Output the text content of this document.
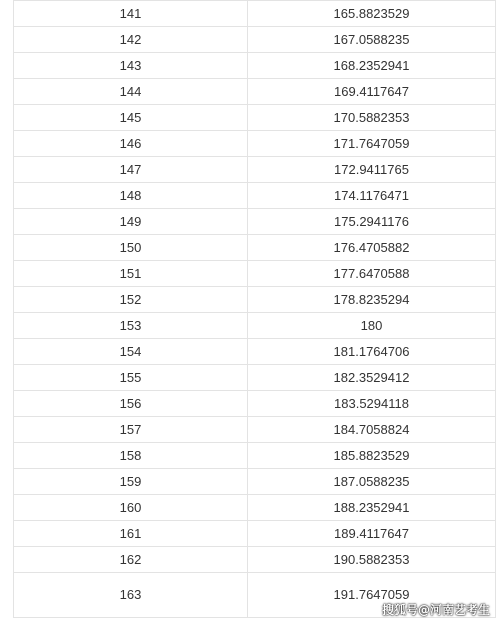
141	165.8823529
142	167.0588235
143	168.2352941
144	169.4117647
145	170.5882353
146	171.7647059
147	172.9411765
148	174.1176471
149	175.2941176
150	176.4705882
151	177.6470588
152	178.8235294
153	180
154	181.1764706
155	182.3529412
156	183.5294118
157	184.7058824
158	185.8823529
159	187.0588235
160	188.2352941
161	189.4117647
162	190.5882353
163	191.7647059
搜狐号@河南艺考生
